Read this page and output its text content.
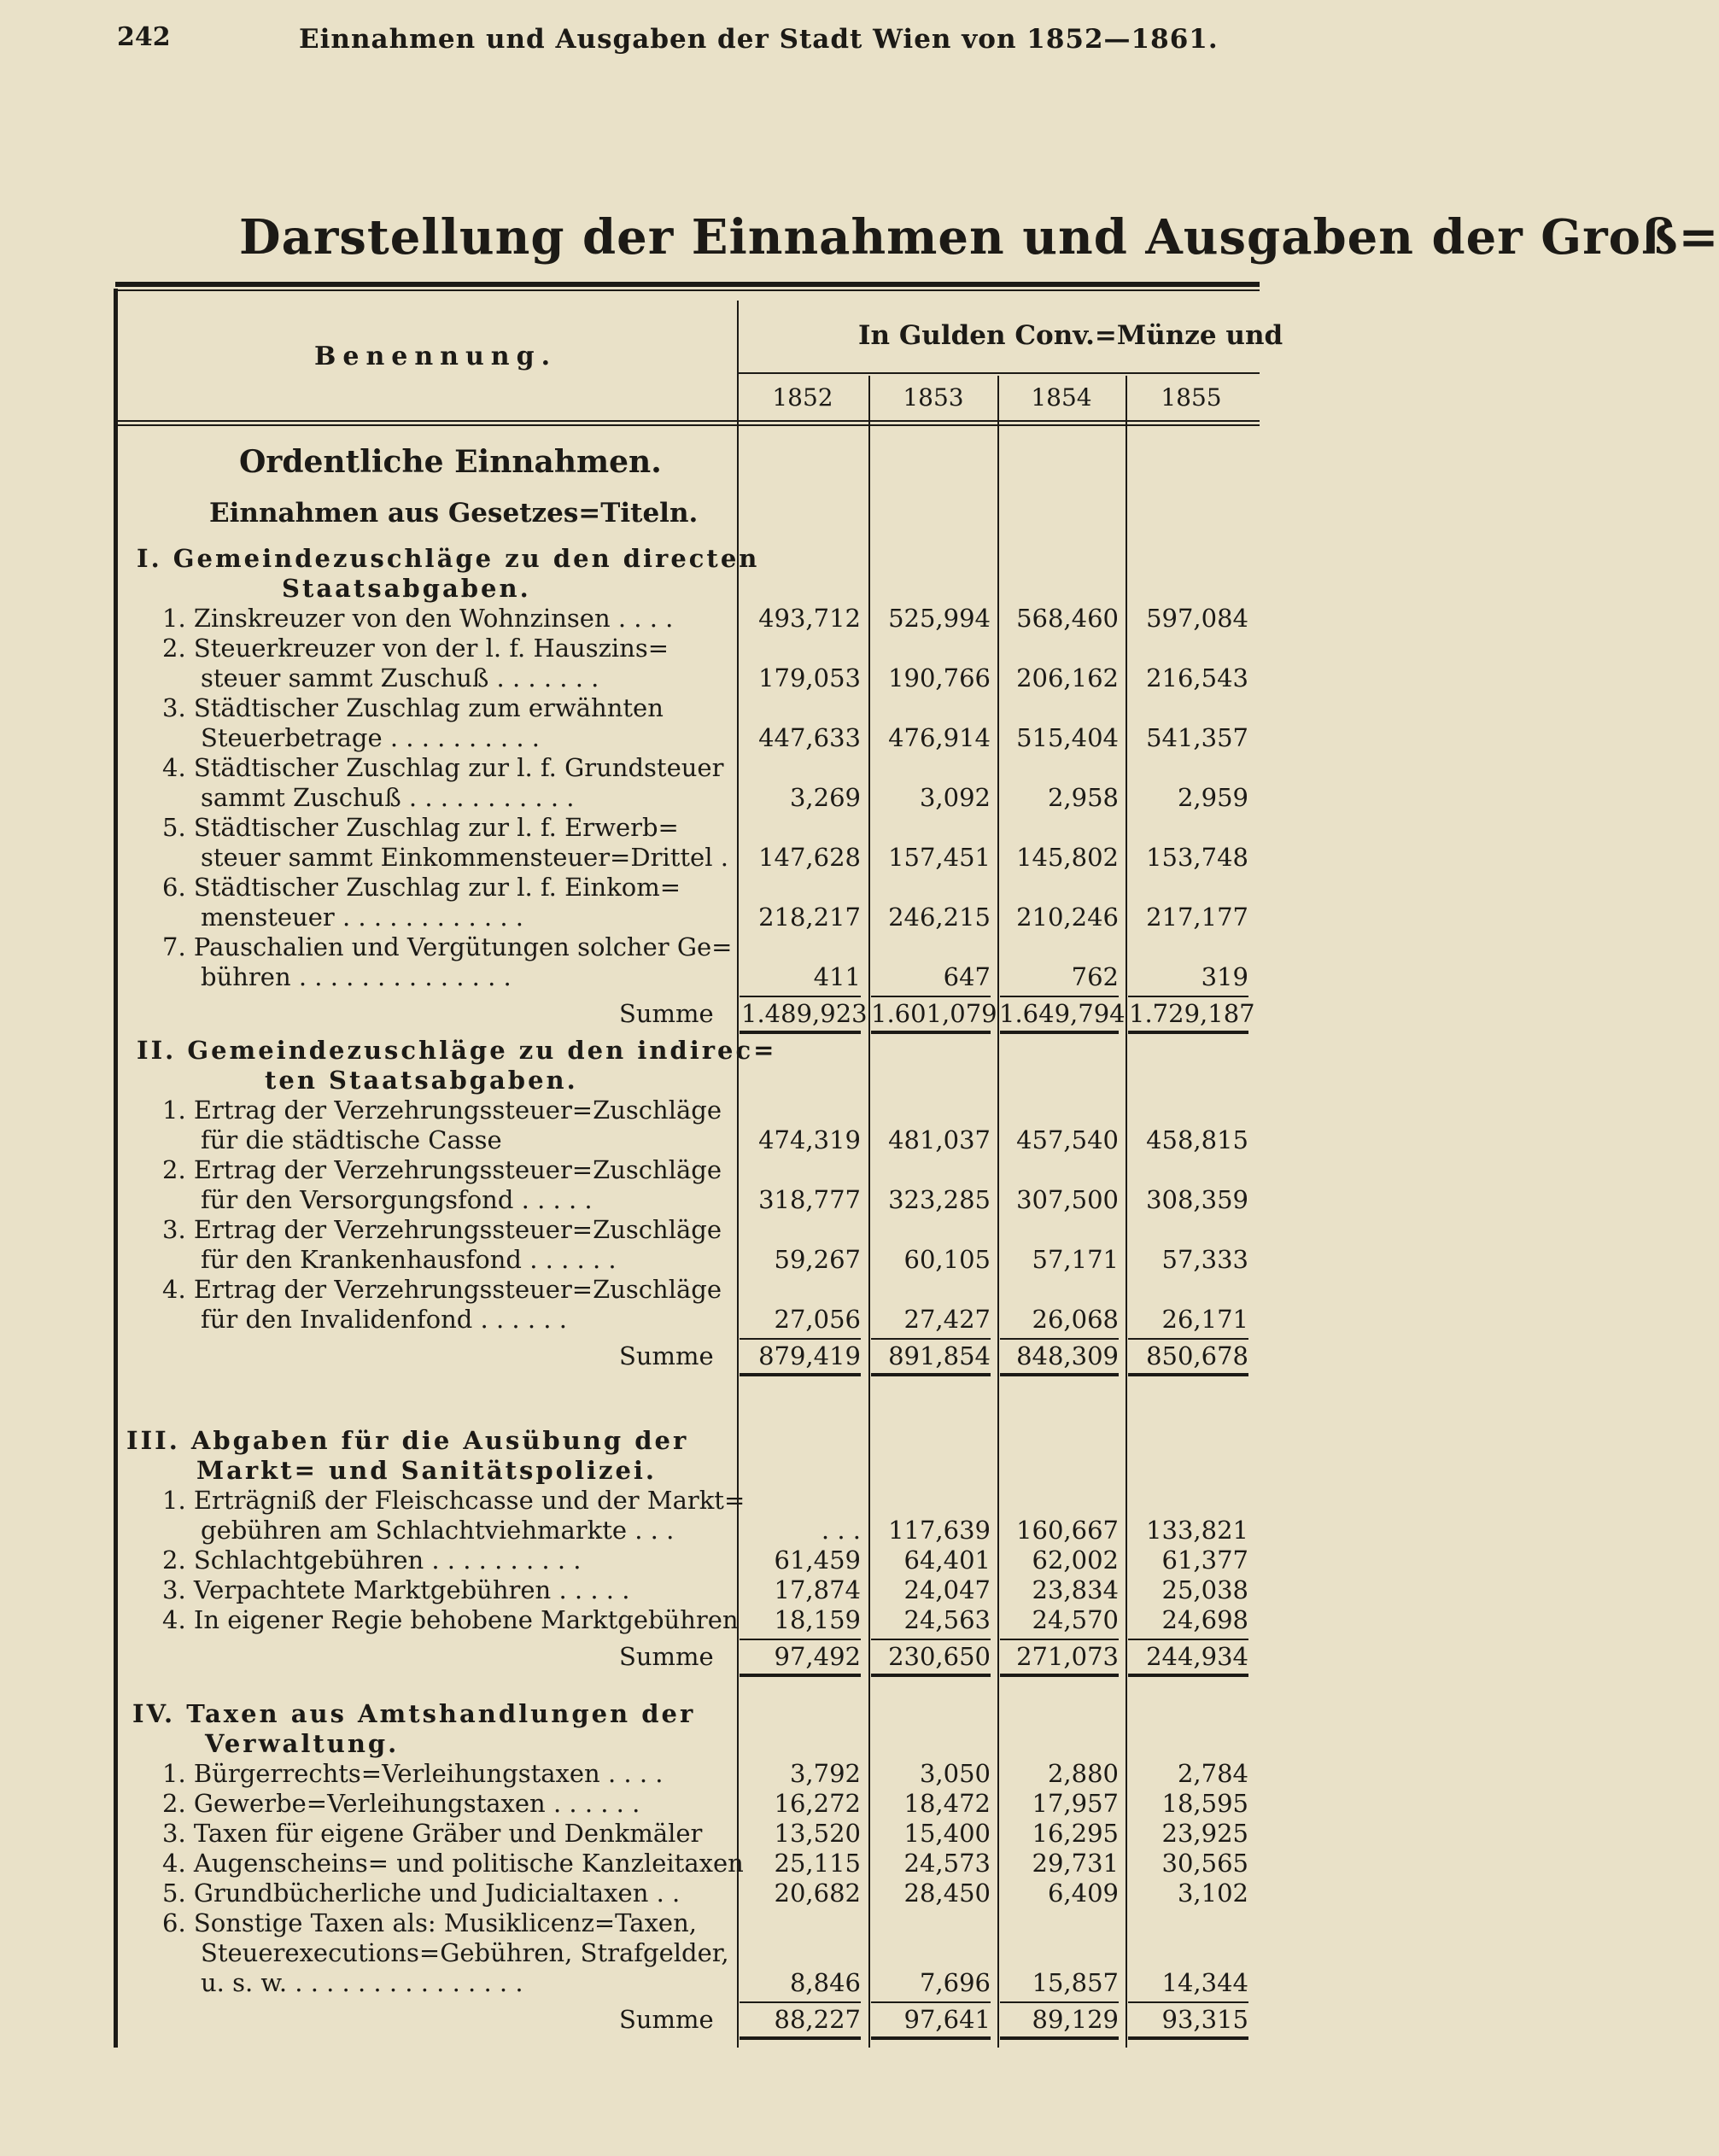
242	Einnahmen und Ausgaben der Stadt Wien von 1852—1861.
Darstellung der Einnahmen und Ausgaben der Groß=
Benennung.
In Gulden Conv.=Münze und
1852	1853	1854	1855
Ordentliche Einnahmen.
Einnahmen aus Gesetzes=Titeln.
I. Gemeindezuschläge zu den directen
Staatsabgaben.
1. Zinskreuzer von den Wohnzinsen . . . .	493,712	525,994	568,460	597,084
2. Steuerkreuzer von der l. f. Hauszins=
steuer sammt Zuschuß . . . . . . .	179,053	190,766	206,162	216,543
3. Städtischer Zuschlag zum erwähnten
Steuerbetrage . . . . . . . . . .	447,633	476,914	515,404	541,357
4. Städtischer Zuschlag zur l. f. Grundsteuer
sammt Zuschuß . . . . . . . . . . .	3,269	3,092	2,958	2,959
5. Städtischer Zuschlag zur l. f. Erwerb=
steuer sammt Einkommensteuer=Drittel .	147,628	157,451	145,802	153,748
6. Städtischer Zuschlag zur l. f. Einkom=
mensteuer . . . . . . . . . . . .	218,217	246,215	210,246	217,177
7. Pauschalien und Vergütungen solcher Ge=
bühren . . . . . . . . . . . . . .	411	647	762	319
Summe 1.489,923 1.601,079 1.649,794 1.729,187
II. Gemeindezuschläge zu den indirec=
ten Staatsabgaben.
1. Ertrag der Verzehrungssteuer=Zuschläge
für die städtische Casse	474,319	481,037	457,540	458,815
2. Ertrag der Verzehrungssteuer=Zuschläge
für den Versorgungsfond . . . . .	318,777	323,285	307,500	308,359
3. Ertrag der Verzehrungssteuer=Zuschläge
für den Krankenhausfond . . . . . .	59,267	60,105	57,171	57,333
4. Ertrag der Verzehrungssteuer=Zuschläge
für den Invalidenfond . . . . . .	27,056	27,427	26,068	26,171
Summe	879,419	891,854	848,309	850,678
III. Abgaben für die Ausübung der
Markt= und Sanitätspolizei.
1. Erträgniß der Fleischcasse und der Markt=
gebühren am Schlachtviehmarkte . . .	. . .	117,639	160,667	133,821
2. Schlachtgebühren . . . . . . . . . .	61,459	64,401	62,002	61,377
3. Verpachtete Marktgebühren . . . . .	17,874	24,047	23,834	25,038
4. In eigener Regie behobene Marktgebühren	18,159	24,563	24,570	24,698
Summe	97,492	230,650	271,073	244,934
IV. Taxen aus Amtshandlungen der
Verwaltung.
1. Bürgerrechts=Verleihungstaxen . . . .	3,792	3,050	2,880	2,784
2. Gewerbe=Verleihungstaxen . . . . . .	16,272	18,472	17,957	18,595
3. Taxen für eigene Gräber und Denkmäler	13,520	15,400	16,295	23,925
4. Augenscheins= und politische Kanzleitaxen	25,115	24,573	29,731	30,565
5. Grundbücherliche und Judicialtaxen . .	20,682	28,450	6,409	3,102
6. Sonstige Taxen als: Musiklicenz=Taxen,
Steuerexecutions=Gebühren, Strafgelder,
u. s. w. . . . . . . . . . . . . . . .	8,846	7,696	15,857	14,344
Summe	88,227	97,641	89,129	93,315
